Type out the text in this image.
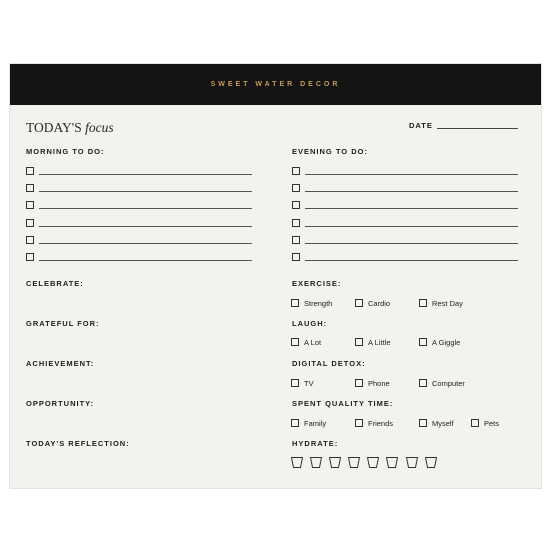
SWEET WATER DECOR
TODAY'S focus	DATE
MORNING TO DO:	EVENING TO DO:
CELEBRATE:
GRATEFUL FOR:
ACHIEVEMENT:
OPPORTUNITY:
TODAY'S REFLECTION:
EXERCISE:
LAUGH:
DIGITAL DETOX:
SPENT QUALITY TIME:
Strength	Cardio	Rest Day
A Lot	A Little	A Giggle
TV	Phone	Computer
Family	Friends	Myself	Pets
HYDRATE:
